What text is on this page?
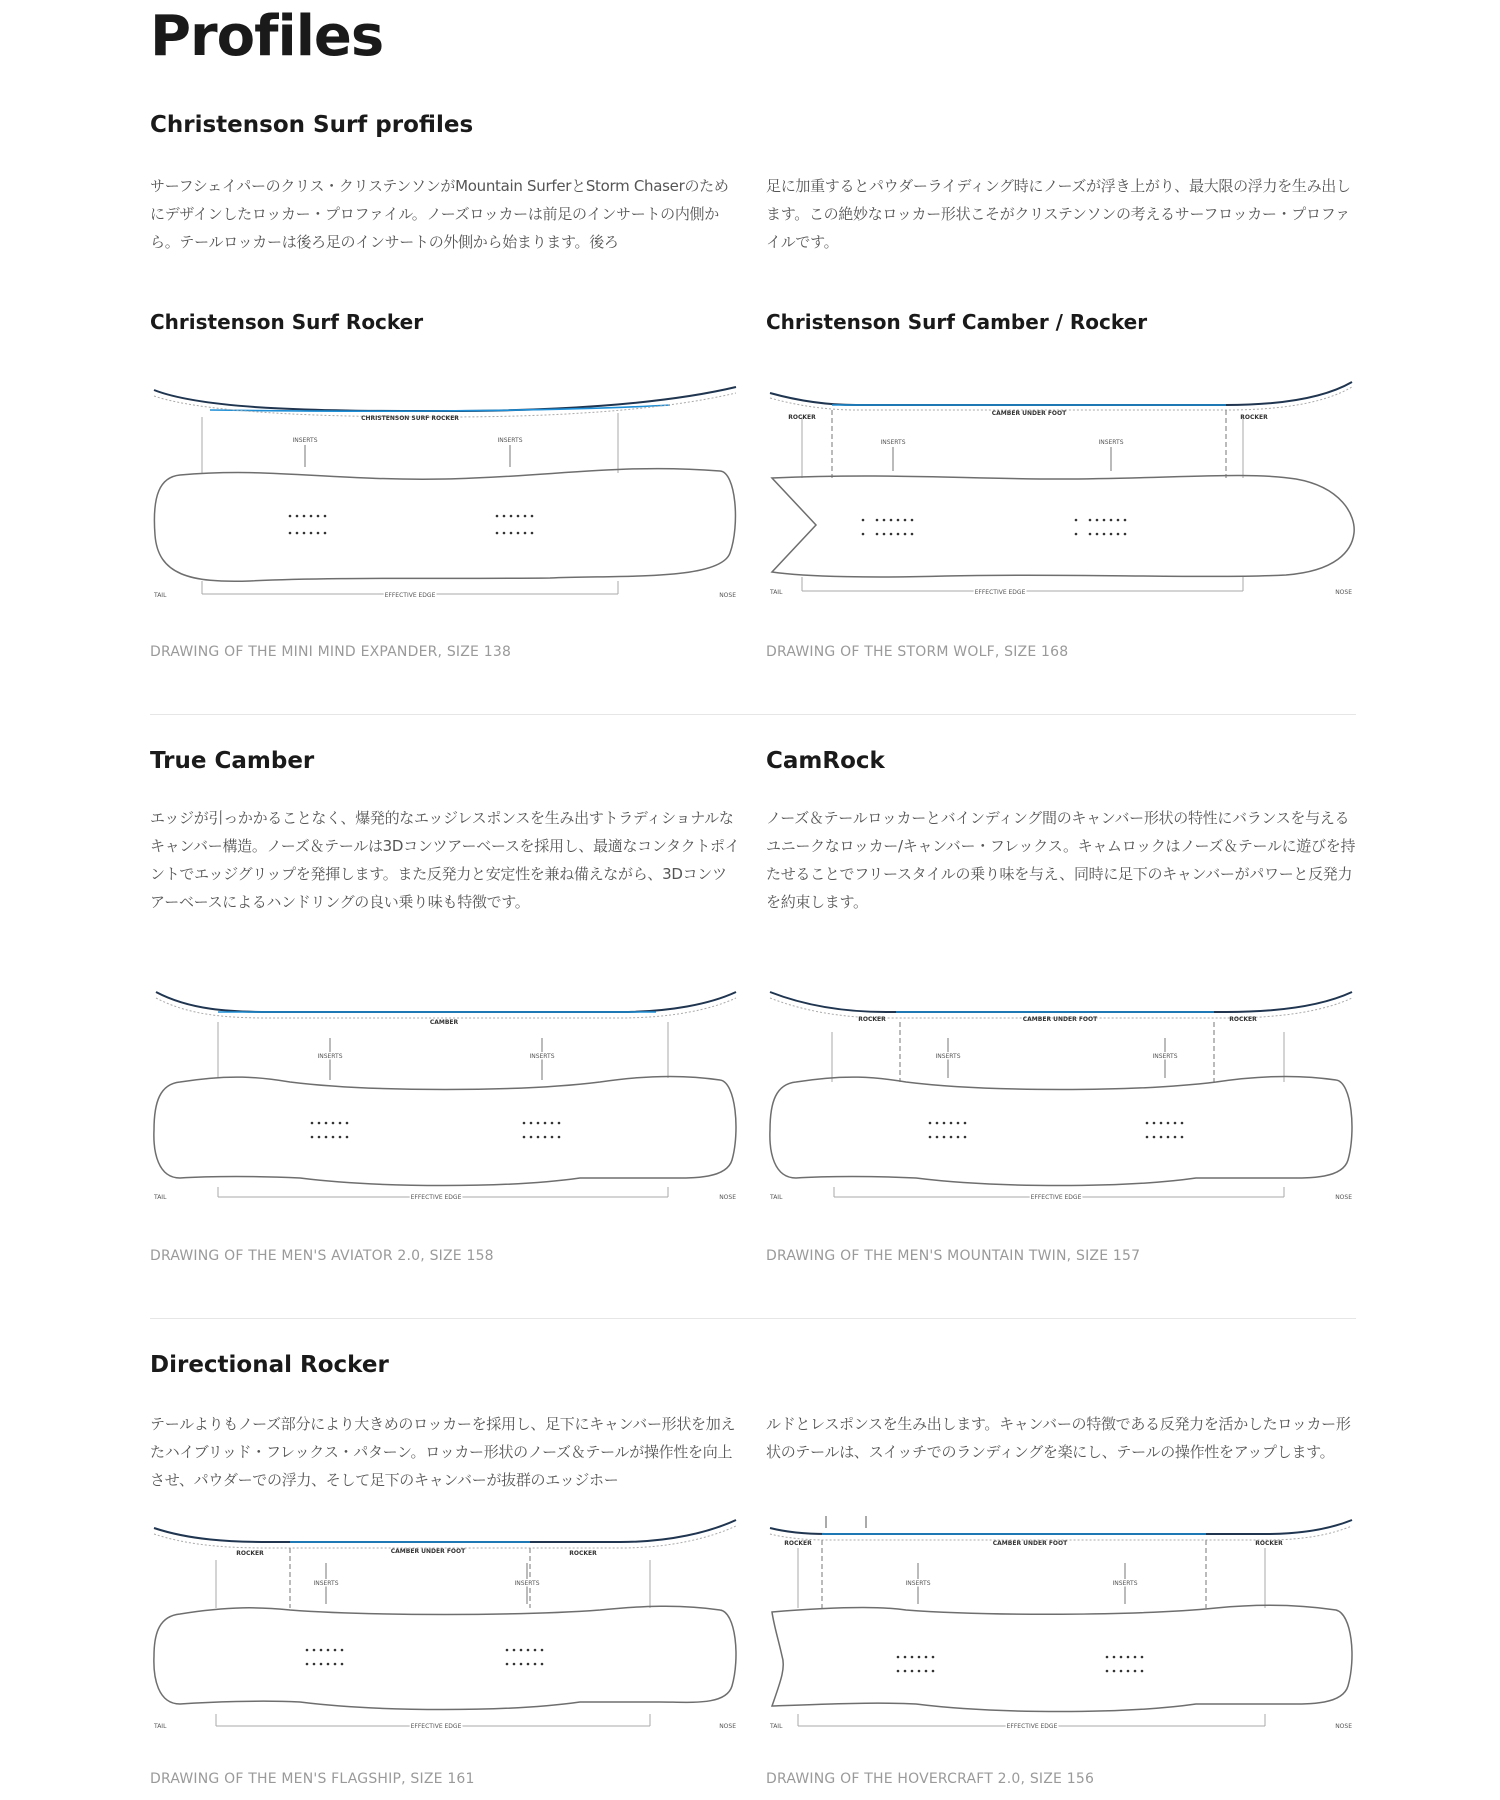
Profiles
Christenson Surf profiles

サーフシェイパーのクリス・クリステンソンがMountain SurferとStorm Chaserのためにデザインしたロッカー・プロファイル。ノーズロッカーは前足のインサートの内側から。テールロッカーは後ろ足のインサートの外側から始まります。後ろ

足に加重するとパウダーライディング時にノーズが浮き上がり、最大限の浮力を生み出します。この絶妙なロッカー形状こそがクリステンソンの考えるサーフロッカー・プロファイルです。

Christenson Surf Rocker	Christenson Surf Camber / Rocker
CHRISTENSON SURF ROCKER
INSERTS	INSERTS
EFFECTIVE EDGE
TAIL	NOSE

DRAWING OF THE MINI MIND EXPANDER, SIZE 138

ROCKER
CAMBER UNDER FOOT
ROCKER
INSERTS	INSERTS
EFFECTIVE EDGE
TAIL	NOSE

DRAWING OF THE STORM WOLF, SIZE 168

True Camber	CamRock

エッジが引っかかることなく、爆発的なエッジレスポンスを生み出すトラディショナルなキャンバー構造。ノーズ＆テールは3Dコンツアーベースを採用し、最適なコンタクトポイントでエッジグリップを発揮します。また反発力と安定性を兼ね備えながら、3Dコンツアーベースによるハンドリングの良い乗り味も特徴です。

ノーズ＆テールロッカーとバインディング間のキャンバー形状の特性にバランスを与えるユニークなロッカー/キャンバー・フレックス。キャムロックはノーズ＆テールに遊びを持たせることでフリースタイルの乗り味を与え、同時に足下のキャンバーがパワーと反発力を約束します。

CAMBER
INSERTS	INSERTS
EFFECTIVE EDGE
TAIL	NOSE

DRAWING OF THE MEN'S AVIATOR 2.0, SIZE 158

ROCKER	CAMBER UNDER FOOT	ROCKER
INSERTS	INSERTS
EFFECTIVE EDGE
TAIL	NOSE

DRAWING OF THE MEN'S MOUNTAIN TWIN, SIZE 157

Directional Rocker

テールよりもノーズ部分により大きめのロッカーを採用し、足下にキャンバー形状を加えたハイブリッド・フレックス・パターン。ロッカー形状のノーズ＆テールが操作性を向上させ、パウダーでの浮力、そして足下のキャンバーが抜群のエッジホー

ルドとレスポンスを生み出します。キャンバーの特徴である反発力を活かしたロッカー形状のテールは、スイッチでのランディングを楽にし、テールの操作性をアップします。

ROCKER	CAMBER UNDER FOOT	ROCKER
INSERTS	INSERTS
EFFECTIVE EDGE
TAIL	NOSE

DRAWING OF THE MEN'S FLAGSHIP, SIZE 161

ROCKER	CAMBER UNDER FOOT	ROCKER
INSERTS	INSERTS
EFFECTIVE EDGE
TAIL	NOSE

DRAWING OF THE HOVERCRAFT 2.0, SIZE 156
